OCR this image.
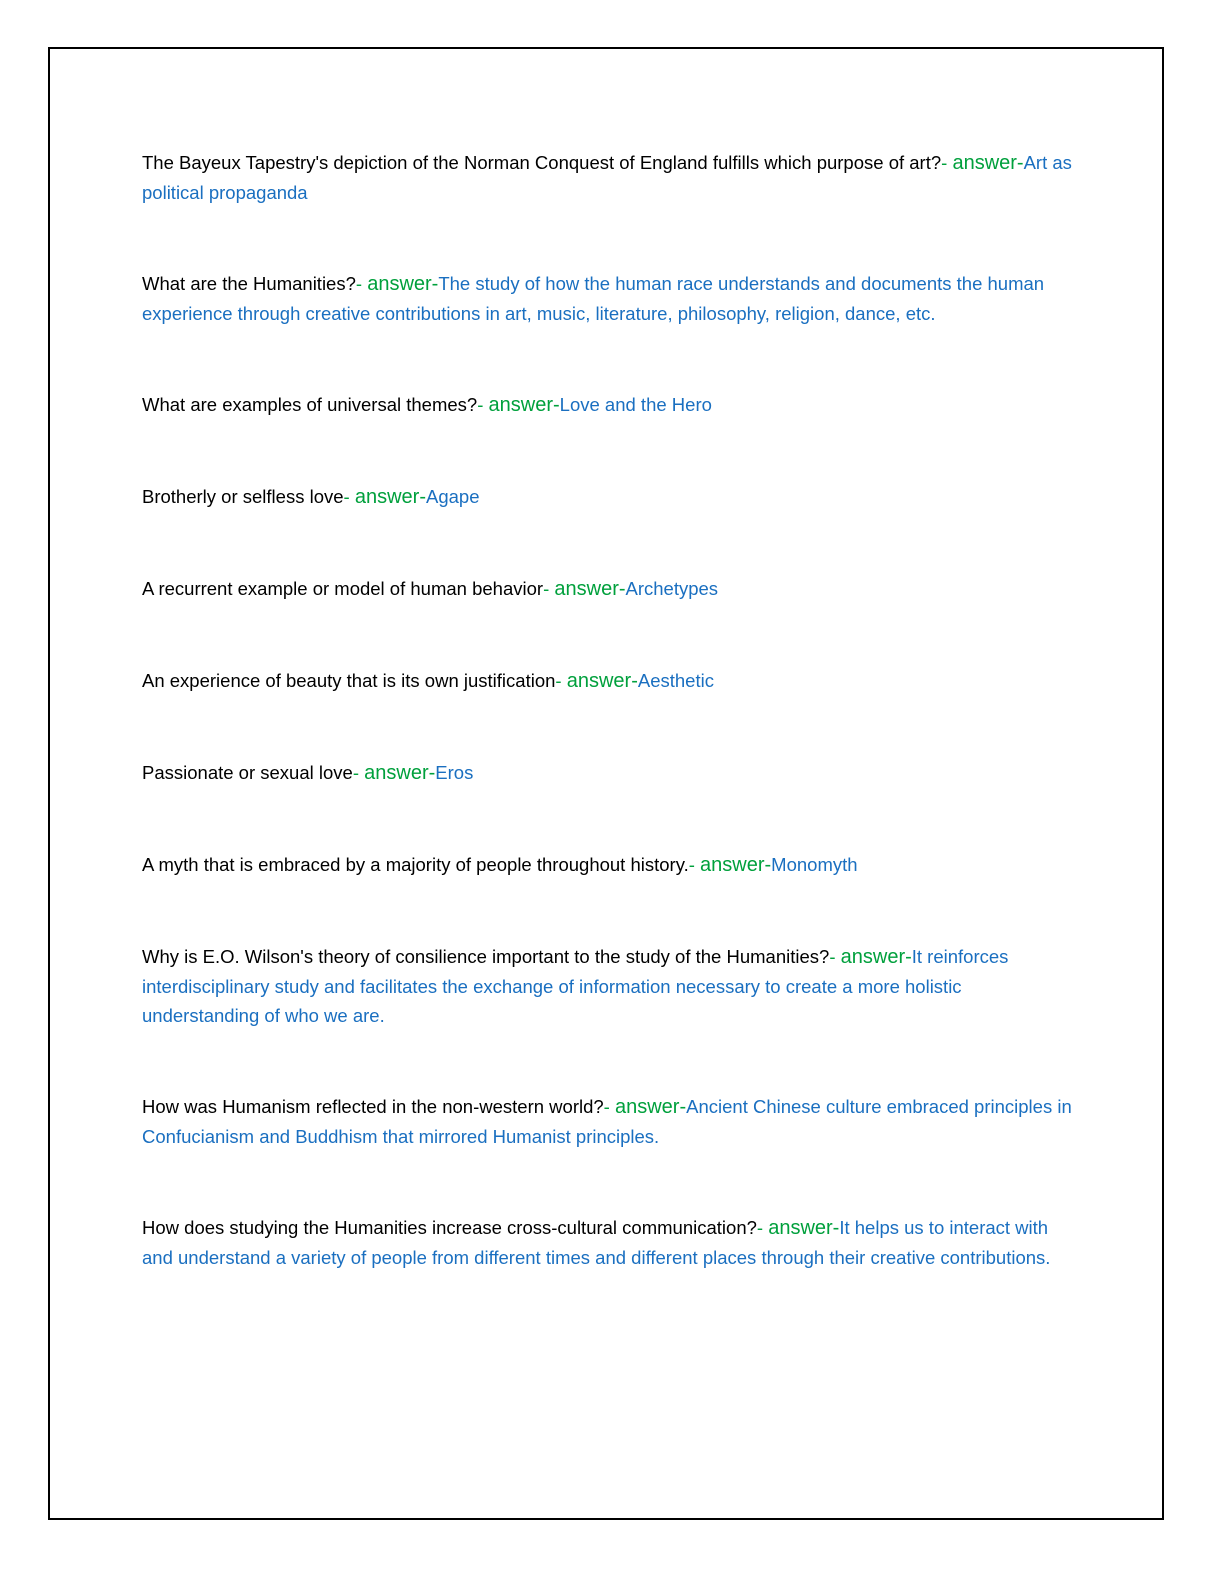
The Bayeux Tapestry's depiction of the Norman Conquest of England fulfills which purpose of art?- answer-Art as political propaganda

What are the Humanities?- answer-The study of how the human race understands and documents the human experience through creative contributions in art, music, literature, philosophy, religion, dance, etc.

What are examples of universal themes?- answer-Love and the Hero

Brotherly or selfless love- answer-Agape

A recurrent example or model of human behavior- answer-Archetypes

An experience of beauty that is its own justification- answer-Aesthetic

Passionate or sexual love- answer-Eros

A myth that is embraced by a majority of people throughout history.- answer-Monomyth

Why is E.O. Wilson's theory of consilience important to the study of the Humanities?- answer-It reinforces interdisciplinary study and facilitates the exchange of information necessary to create a more holistic understanding of who we are.

How was Humanism reflected in the non-western world?- answer-Ancient Chinese culture embraced principles in Confucianism and Buddhism that mirrored Humanist principles.

How does studying the Humanities increase cross-cultural communication?- answer-It helps us to interact with and understand a variety of people from different times and different places through their creative contributions.
